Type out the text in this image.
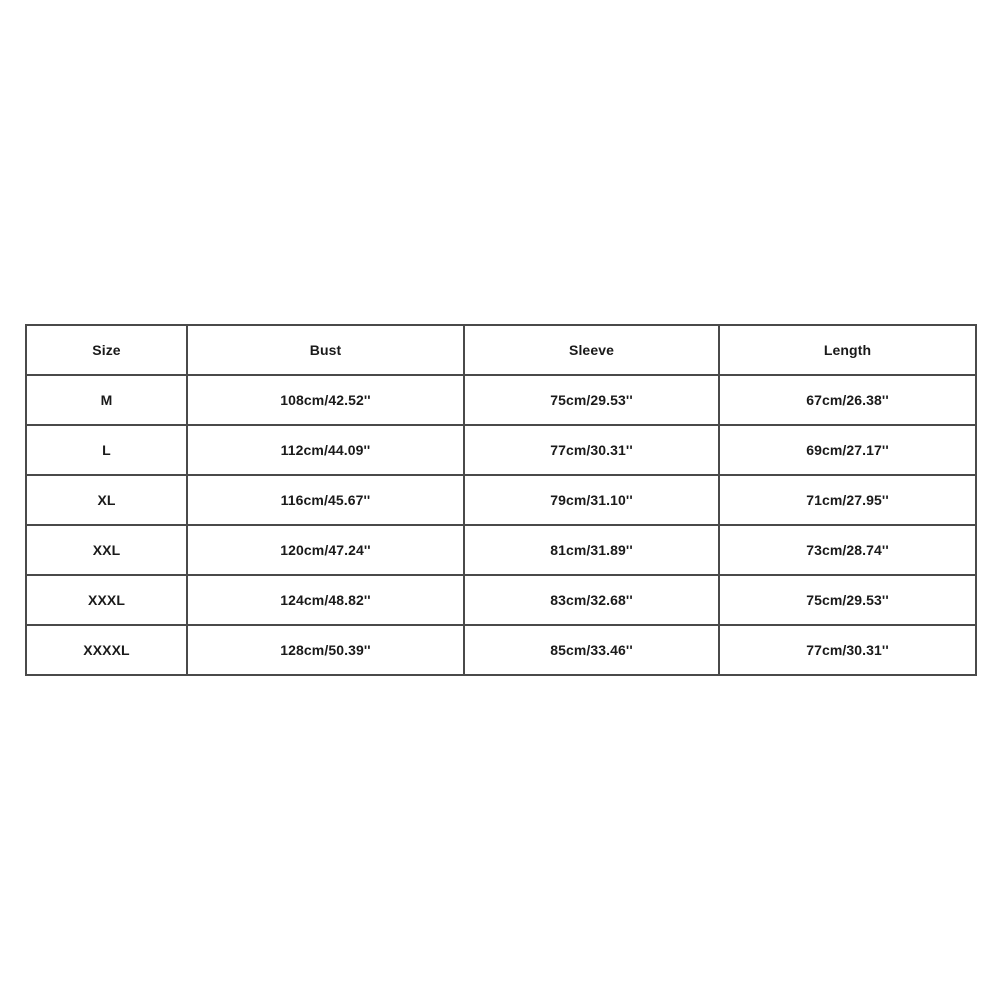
Size	Bust	Sleeve	Length
M	108cm/42.52''	75cm/29.53''	67cm/26.38''
L	112cm/44.09''	77cm/30.31''	69cm/27.17''
XL	116cm/45.67''	79cm/31.10''	71cm/27.95''
XXL	120cm/47.24''	81cm/31.89''	73cm/28.74''
XXXL	124cm/48.82''	83cm/32.68''	75cm/29.53''
XXXXL	128cm/50.39''	85cm/33.46''	77cm/30.31''
